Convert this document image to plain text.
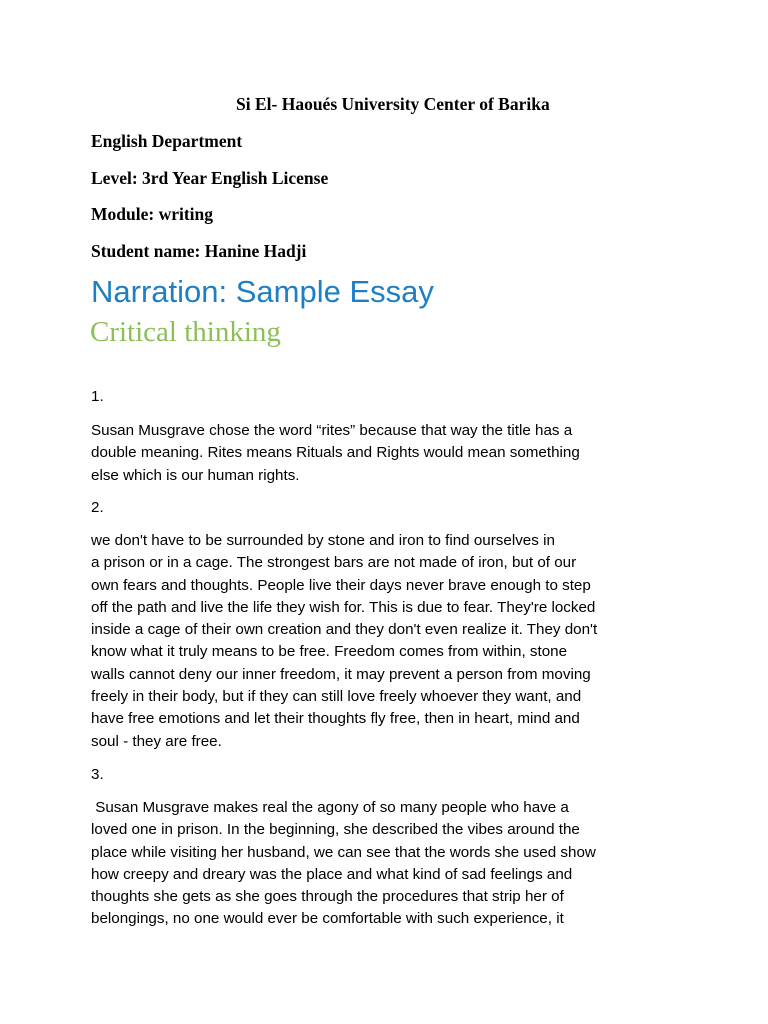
Si El- Haoués University Center of Barika
English Department
Level: 3rd Year English License
Module: writing
Student name: Hanine Hadji
Narration: Sample Essay
Critical thinking
1.

Susan Musgrave chose the word “rites” because that way the title has a
double meaning. Rites means Rituals and Rights would mean something
else which is our human rights.

2.

we don't have to be surrounded by stone and iron to find ourselves in
a prison or in a cage. The strongest bars are not made of iron, but of our
own fears and thoughts. People live their days never brave enough to step
off the path and live the life they wish for. This is due to fear. They're locked
inside a cage of their own creation and they don't even realize it. They don't
know what it truly means to be free. Freedom comes from within, stone
walls cannot deny our inner freedom, it may prevent a person from moving
freely in their body, but if they can still love freely whoever they want, and
have free emotions and let their thoughts fly free, then in heart, mind and
soul - they are free.

3.

Susan Musgrave makes real the agony of so many people who have a
loved one in prison. In the beginning, she described the vibes around the
place while visiting her husband, we can see that the words she used show
how creepy and dreary was the place and what kind of sad feelings and
thoughts she gets as she goes through the procedures that strip her of
belongings, no one would ever be comfortable with such experience, it
